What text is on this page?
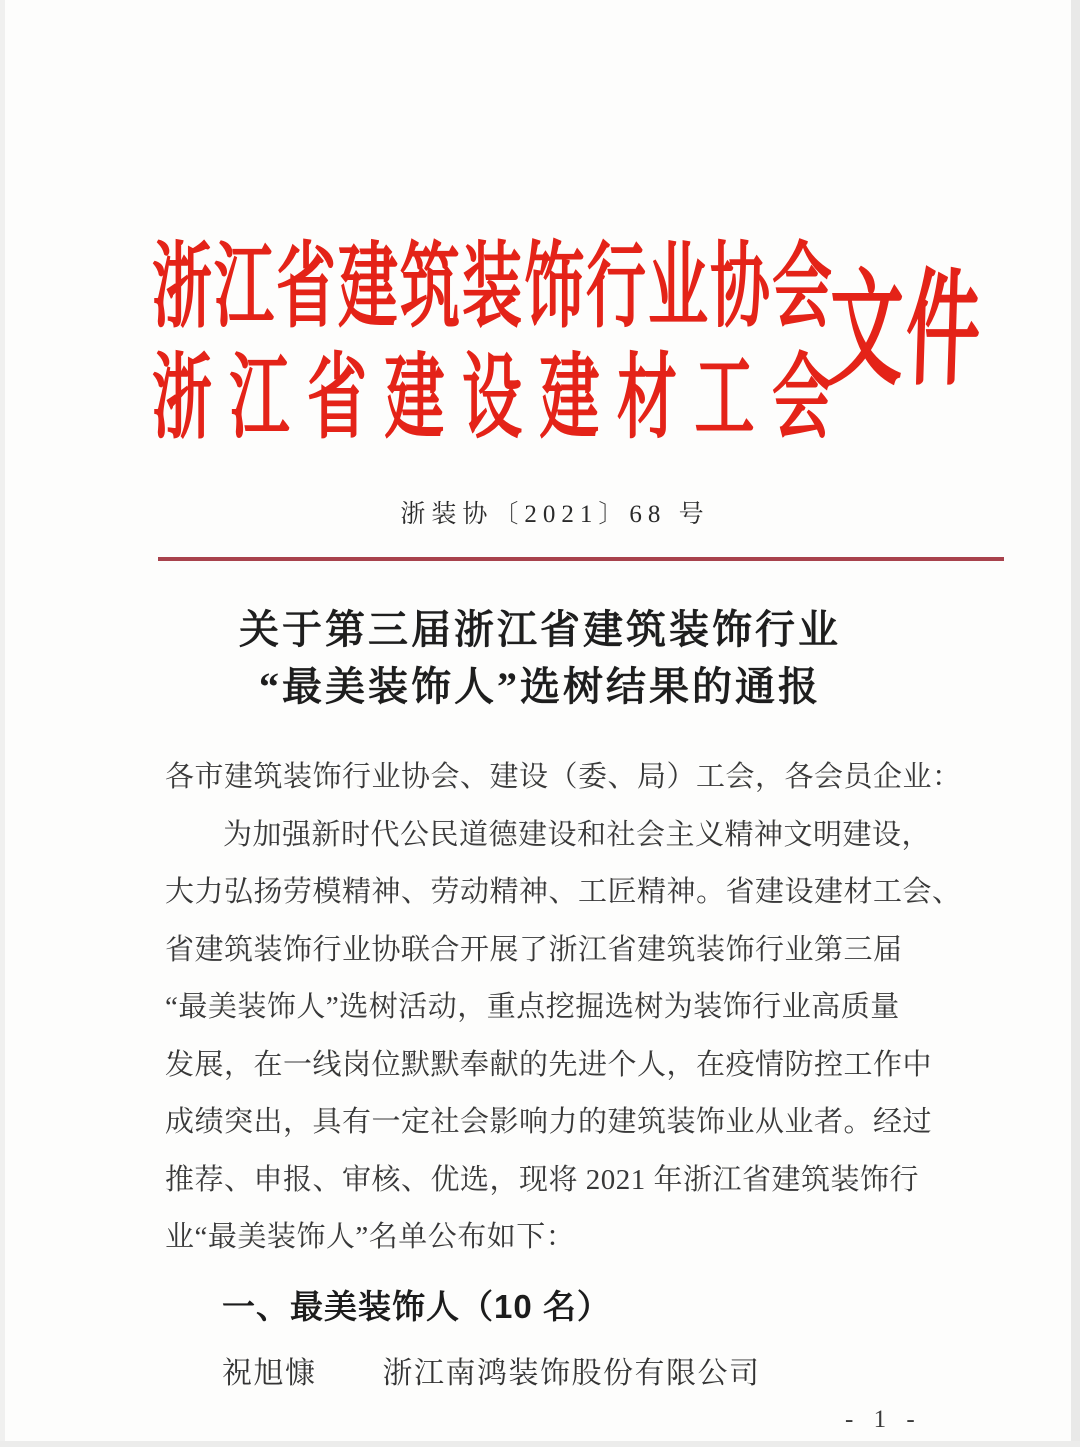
浙江省建筑装饰行业协会
浙江省建设建材工会
文件
浙装协〔2021〕68 号
关于第三届浙江省建筑装饰行业
“最美装饰人”选树结果的通报
各市建筑装饰行业协会、建设（委、局）工会，各会员企业：
为加强新时代公民道德建设和社会主义精神文明建设，
大力弘扬劳模精神、劳动精神、工匠精神。省建设建材工会、
省建筑装饰行业协联合开展了浙江省建筑装饰行业第三届
“最美装饰人”选树活动，重点挖掘选树为装饰行业高质量
发展，在一线岗位默默奉献的先进个人，在疫情防控工作中
成绩突出，具有一定社会影响力的建筑装饰业从业者。经过
推荐、申报、审核、优选，现将 2021 年浙江省建筑装饰行
业“最美装饰人”名单公布如下：
一、最美装饰人（10 名）
祝旭慷 浙江南鸿装饰股份有限公司
- 1 -
